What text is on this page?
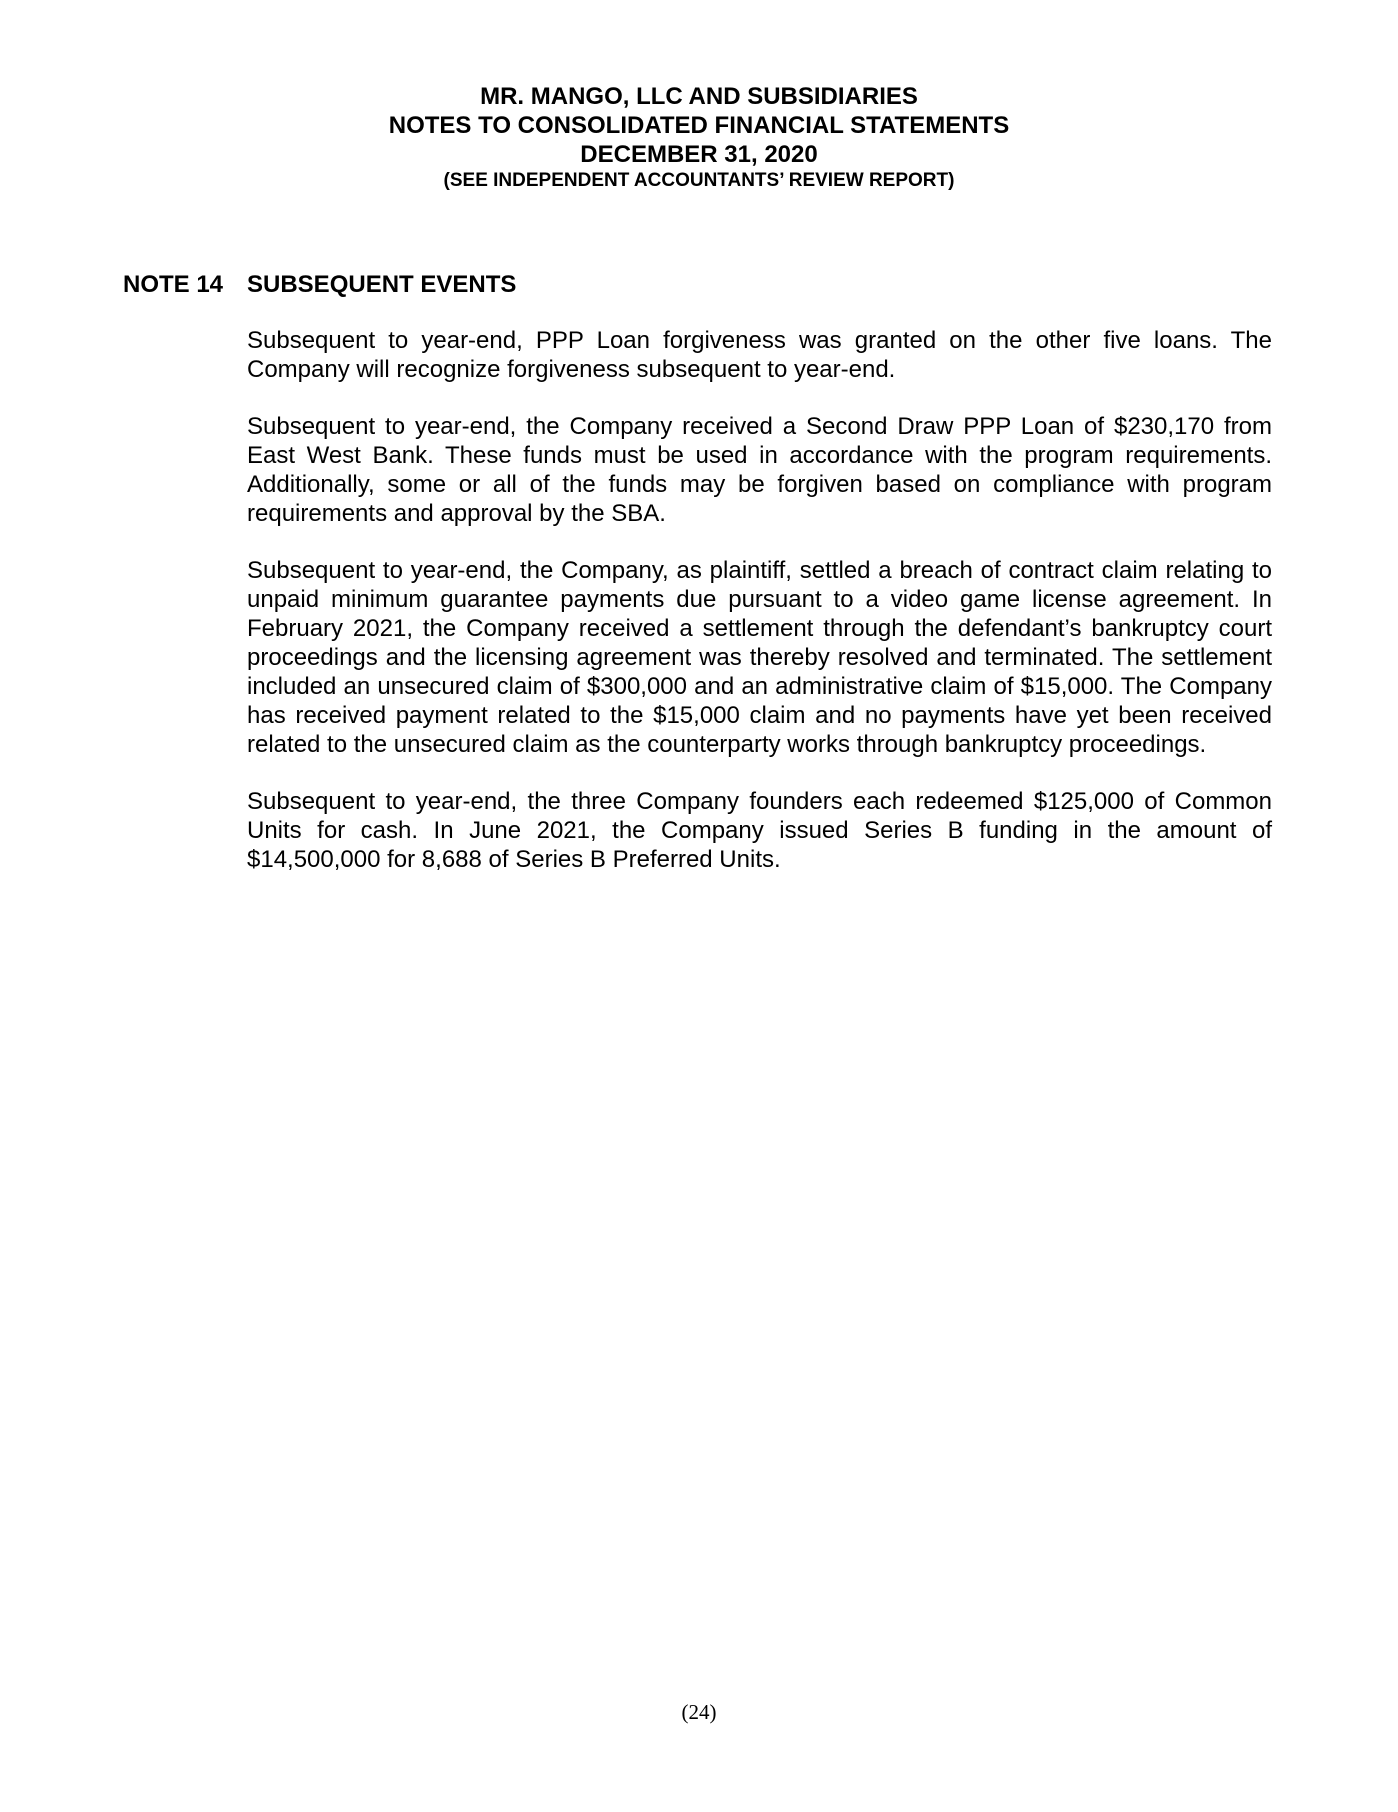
MR. MANGO, LLC AND SUBSIDIARIES
NOTES TO CONSOLIDATED FINANCIAL STATEMENTS
DECEMBER 31, 2020
(SEE INDEPENDENT ACCOUNTANTS’ REVIEW REPORT)
NOTE 14 SUBSEQUENT EVENTS

Subsequent to year-end, PPP Loan forgiveness was granted on the other five loans. The Company will recognize forgiveness subsequent to year-end.

Subsequent to year-end, the Company received a Second Draw PPP Loan of $230,170 from East West Bank. These funds must be used in accordance with the program requirements. Additionally, some or all of the funds may be forgiven based on compliance with program requirements and approval by the SBA.

Subsequent to year-end, the Company, as plaintiff, settled a breach of contract claim relating to unpaid minimum guarantee payments due pursuant to a video game license agreement. In February 2021, the Company received a settlement through the defendant’s bankruptcy court proceedings and the licensing agreement was thereby resolved and terminated. The settlement included an unsecured claim of $300,000 and an administrative claim of $15,000. The Company has received payment related to the $15,000 claim and no payments have yet been received related to the unsecured claim as the counterparty works through bankruptcy proceedings.

Subsequent to year-end, the three Company founders each redeemed $125,000 of Common Units for cash. In June 2021, the Company issued Series B funding in the amount of $14,500,000 for 8,688 of Series B Preferred Units.

(24)
